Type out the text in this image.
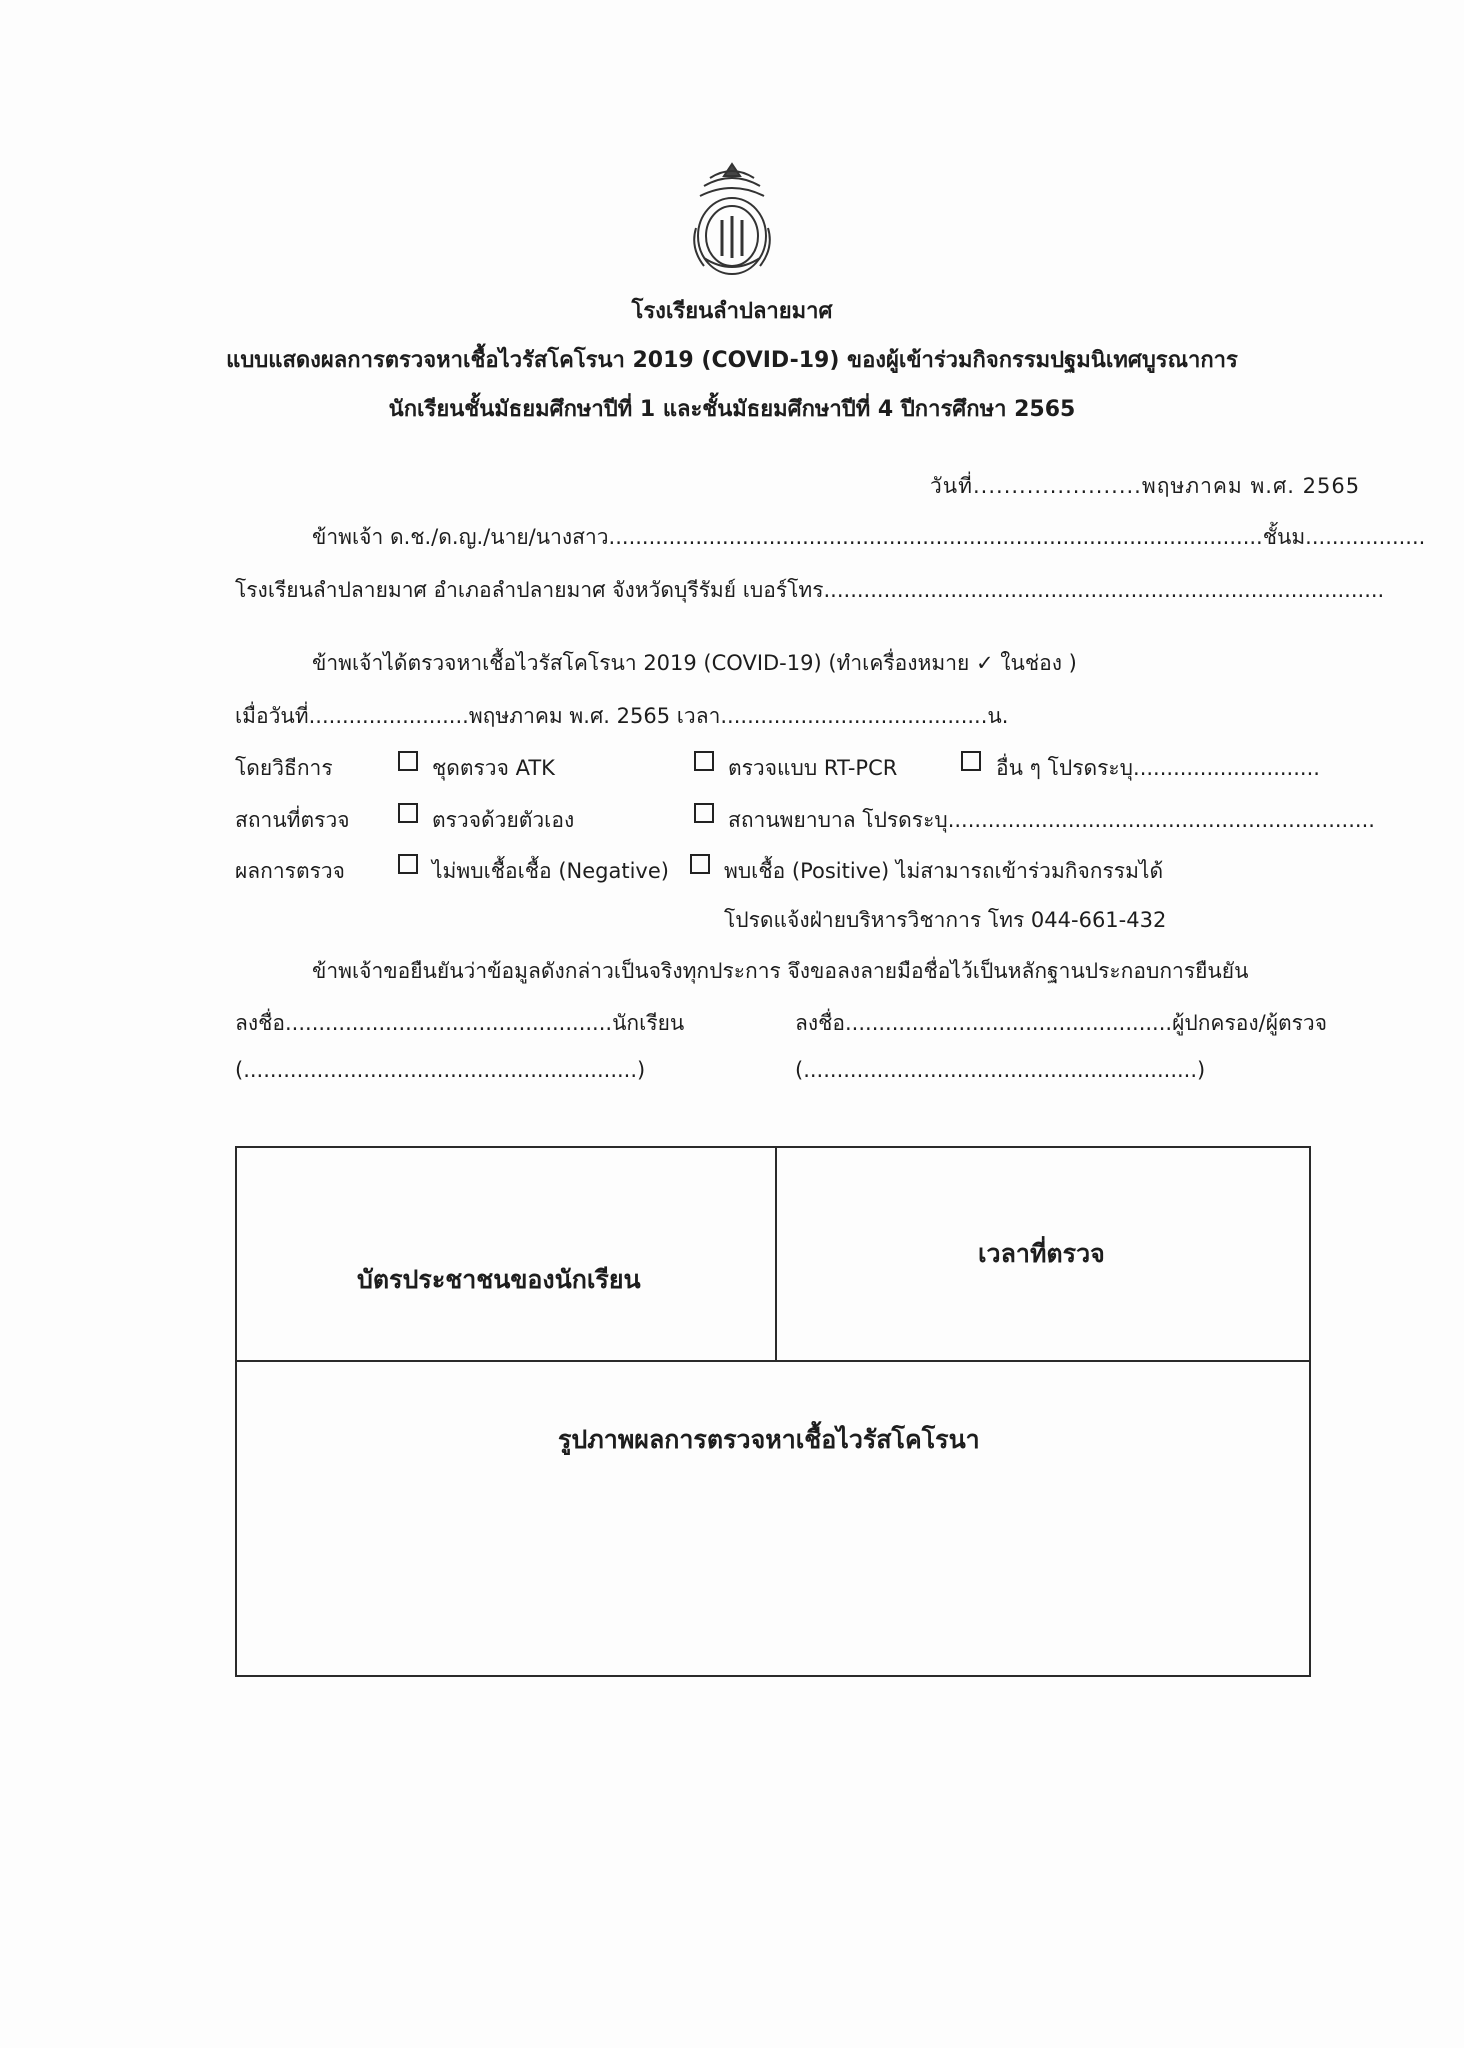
โรงเรียนลำปลายมาศ
แบบแสดงผลการตรวจหาเชื้อไวรัสโคโรนา 2019 (COVID-19) ของผู้เข้าร่วมกิจกรรมปฐมนิเทศบูรณาการ
นักเรียนชั้นมัธยมศึกษาปีที่ 1 และชั้นมัธยมศึกษาปีที่ 4 ปีการศึกษา 2565
วันที่......................พฤษภาคม พ.ศ. 2565
ข้าพเจ้า ด.ช./ด.ญ./นาย/นางสาว..................................................................................................ชั้นม..................
โรงเรียนลำปลายมาศ อำเภอลำปลายมาศ จังหวัดบุรีรัมย์ เบอร์โทร....................................................................................
ข้าพเจ้าได้ตรวจหาเชื้อไวรัสโคโรนา 2019 (COVID-19) (ทำเครื่องหมาย ✓ ในช่อง )
เมื่อวันที่........................พฤษภาคม พ.ศ. 2565 เวลา........................................น.
โดยวิธีการ	ชุดตรวจ ATK	ตรวจแบบ RT-PCR	อื่น ๆ โปรดระบุ............................
สถานที่ตรวจ	ตรวจด้วยตัวเอง	สถานพยาบาล โปรดระบุ................................................................
ผลการตรวจ	ไม่พบเชื้อเชื้อ (Negative)	พบเชื้อ (Positive) ไม่สามารถเข้าร่วมกิจกรรมได้
โปรดแจ้งฝ่ายบริหารวิชาการ โทร 044-661-432
ข้าพเจ้าขอยืนยันว่าข้อมูลดังกล่าวเป็นจริงทุกประการ จึงขอลงลายมือชื่อไว้เป็นหลักฐานประกอบการยืนยัน
ลงชื่อ.................................................นักเรียน	ลงชื่อ.................................................ผู้ปกครอง/ผู้ตรวจ
(...........................................................)	(...........................................................)
บัตรประชาชนของนักเรียน
เวลาที่ตรวจ
รูปภาพผลการตรวจหาเชื้อไวรัสโคโรนา
